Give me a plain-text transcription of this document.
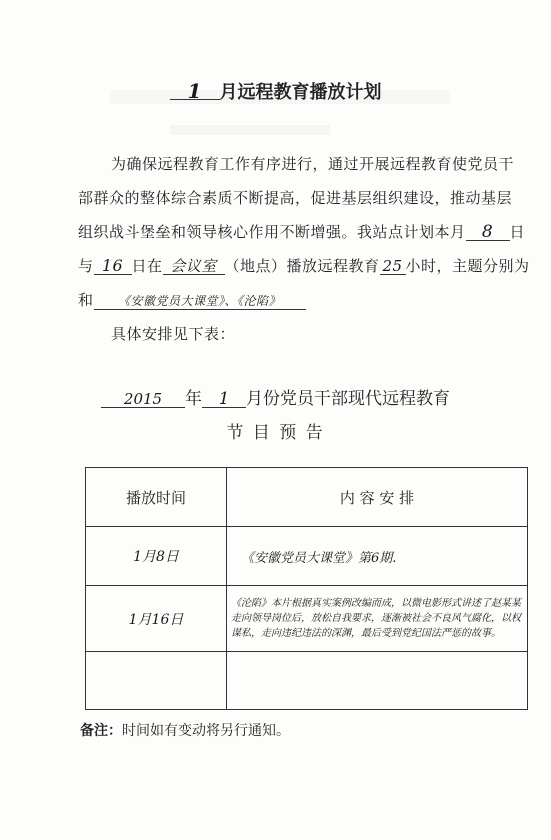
1 月远程教育播放计划
为确保远程教育工作有序进行，通过开展远程教育使党员干
部群众的整体综合素质不断提高，促进基层组织建设，推动基层
组织战斗堡垒和领导核心作用不断增强。我站点计划本月 8 日
与 16 日在 会议室 （地点）播放远程教育 25 小时，主题分别为
和 《安徽党员大课堂》、《沦陷》
具体安排见下表：
2015 年 1 月份党员干部现代远程教育
节 目 预 告
播放时间	内 容 安 排
1月8日	《安徽党员大课堂》第6期.
1月16日	《沦陷》本片根据真实案例改编而成，以微电影形式讲述了赵某某走向领导岗位后，放松自我要求，逐渐被社会不良风气腐化，以权谋私，走向违纪违法的深渊，最后受到党纪国法严惩的故事。

备注：时间如有变动将另行通知。
